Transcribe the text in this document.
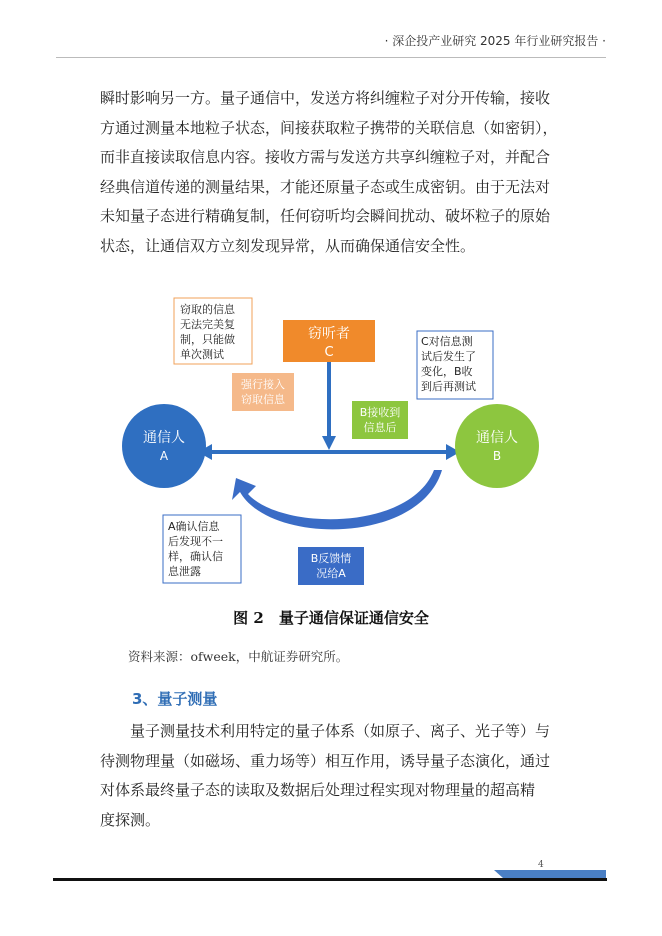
· 深企投产业研究 2025 年行业研究报告 ·
瞬时影响另一方。量子通信中，发送方将纠缠粒子对分开传输，接收
方通过测量本地粒子状态，间接获取粒子携带的关联信息（如密钥），
而非直接读取信息内容。接收方需与发送方共享纠缠粒子对，并配合
经典信道传递的测量结果，才能还原量子态或生成密钥。由于无法对
未知量子态进行精确复制，任何窃听均会瞬间扰动、破坏粒子的原始
状态，让通信双方立刻发现异常，从而确保通信安全性。
窃取的信息
无法完美复
制，只能做
单次测试
窃听者
C
C对信息测
试后发生了
变化，B收
到后再测试
强行接入
窃取信息
B接收到
信息后
通信人
A
通信人
B
A确认信息
后发现不一
样，确认信
息泄露
B反馈情
况给A
图 2　量子通信保证通信安全
资料来源：ofweek，中航证券研究所。
3、量子测量
量子测量技术利用特定的量子体系（如原子、离子、光子等）与
待测物理量（如磁场、重力场等）相互作用，诱导量子态演化，通过
对体系最终量子态的读取及数据后处理过程实现对物理量的超高精
度探测。
4
